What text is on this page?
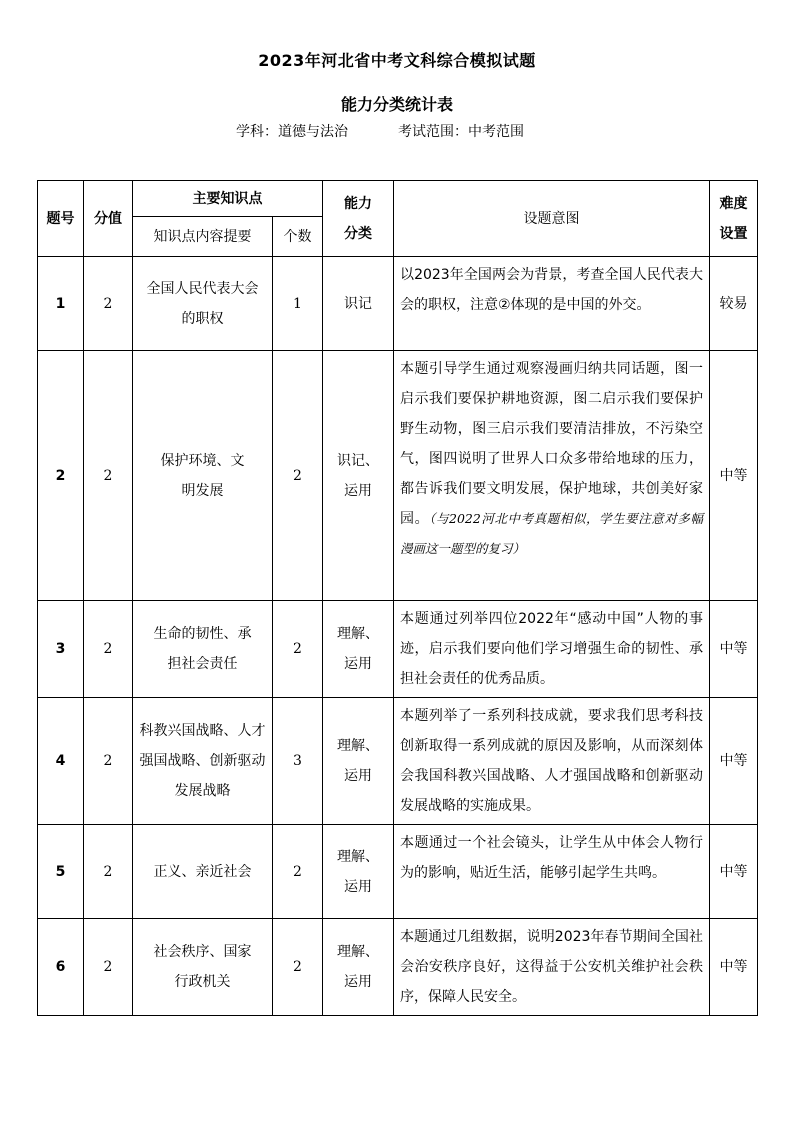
2023年河北省中考文科综合模拟试题
能力分类统计表
学科：道德与法治	考试范围：中考范围
题号	分值	主要知识点		能力分类	设题意图	难度设置
		知识点内容提要	个数			
1	2	全国人民代表大会的职权	1	识记	以2023年全国两会为背景，考查全国人民代表大会的职权，注意②体现的是中国的外交。	较易
2	2	保护环境、文明发展	2	识记、运用	本题引导学生通过观察漫画归纳共同话题，图一启示我们要保护耕地资源，图二启示我们要保护野生动物，图三启示我们要清洁排放，不污染空气，图四说明了世界人口众多带给地球的压力，都告诉我们要文明发展，保护地球，共创美好家园。（与2022河北中考真题相似，学生要注意对多幅漫画这一题型的复习）	中等
3	2	生命的韧性、承担社会责任	2	理解、运用	本题通过列举四位2022年“感动中国”人物的事迹，启示我们要向他们学习增强生命的韧性、承担社会责任的优秀品质。	中等
4	2	科教兴国战略、人才强国战略、创新驱动发展战略	3	理解、运用	本题列举了一系列科技成就，要求我们思考科技创新取得一系列成就的原因及影响，从而深刻体会我国科教兴国战略、人才强国战略和创新驱动发展战略的实施成果。	中等
5	2	正义、亲近社会	2	理解、运用	本题通过一个社会镜头，让学生从中体会人物行为的影响，贴近生活，能够引起学生共鸣。	中等
6	2	社会秩序、国家行政机关	2	理解、运用	本题通过几组数据，说明2023年春节期间全国社会治安秩序良好，这得益于公安机关维护社会秩序，保障人民安全。	中等
